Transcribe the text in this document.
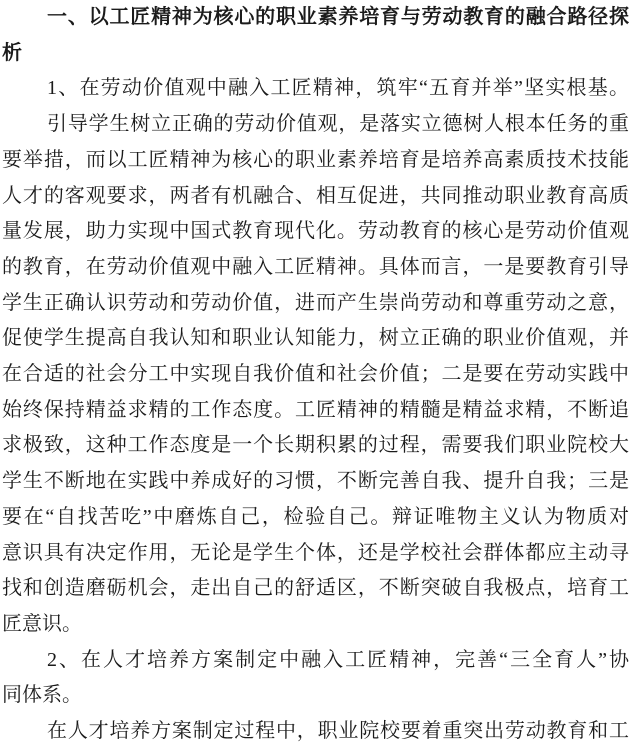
一、以工匠精神为核心的职业素养培育与劳动教育的融合路径探
析
1、在劳动价值观中融入工匠精神，筑牢“五育并举”坚实根基。
引导学生树立正确的劳动价值观，是落实立德树人根本任务的重
要举措，而以工匠精神为核心的职业素养培育是培养高素质技术技能
人才的客观要求，两者有机融合、相互促进，共同推动职业教育高质
量发展，助力实现中国式教育现代化。劳动教育的核心是劳动价值观
的教育，在劳动价值观中融入工匠精神。具体而言，一是要教育引导
学生正确认识劳动和劳动价值，进而产生崇尚劳动和尊重劳动之意，
促使学生提高自我认知和职业认知能力，树立正确的职业价值观，并
在合适的社会分工中实现自我价值和社会价值；二是要在劳动实践中
始终保持精益求精的工作态度。工匠精神的精髓是精益求精，不断追
求极致，这种工作态度是一个长期积累的过程，需要我们职业院校大
学生不断地在实践中养成好的习惯，不断完善自我、提升自我；三是
要在“自找苦吃”中磨炼自己，检验自己。辩证唯物主义认为物质对
意识具有决定作用，无论是学生个体，还是学校社会群体都应主动寻
找和创造磨砺机会，走出自己的舒适区，不断突破自我极点，培育工
匠意识。
2、在人才培养方案制定中融入工匠精神，完善“三全育人”协
同体系。
在人才培养方案制定过程中，职业院校要着重突出劳动教育和工
